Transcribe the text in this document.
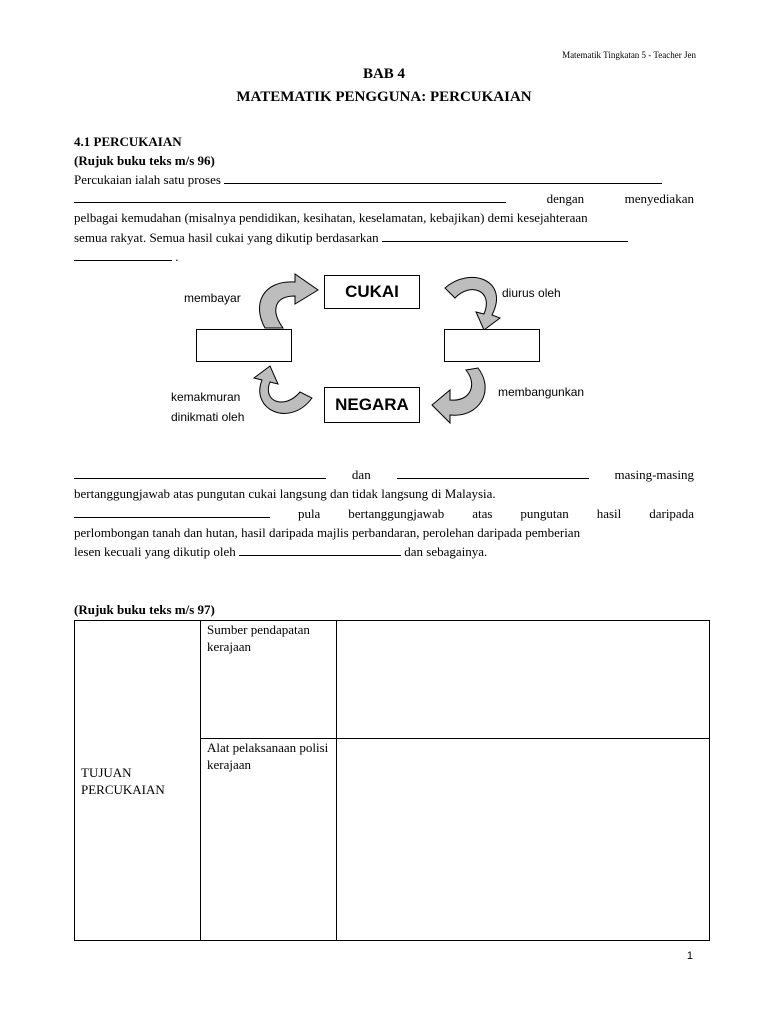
Matematik Tingkatan 5 - Teacher Jen
BAB 4
MATEMATIK PENGGUNA: PERCUKAIAN
4.1 PERCUKAIAN
(Rujuk buku teks m/s 96)
Percukaian ialah satu proses
dengan	menyediakan
pelbagai kemudahan (misalnya pendidikan, kesihatan, keselamatan, kebajikan) demi kesejahteraan
semua rakyat. Semua hasil cukai yang dikutip berdasarkan
.
CUKAI
NEGARA
membayar	diurus oleh
kemakmuran
dinikmati oleh
membangunkan
dan	masing-masing
bertanggungjawab atas pungutan cukai langsung dan tidak langsung di Malaysia.
pula bertanggungjawab atas pungutan hasil daripada
perlombongan tanah dan hutan, hasil daripada majlis perbandaran, perolehan daripada pemberian
lesen kecuali yang dikutip oleh	dan sebagainya.
(Rujuk buku teks m/s 97)
TUJUAN PERCUKAIAN	Sumber pendapatan kerajaan	
	Alat pelaksanaan polisi kerajaan	
1
